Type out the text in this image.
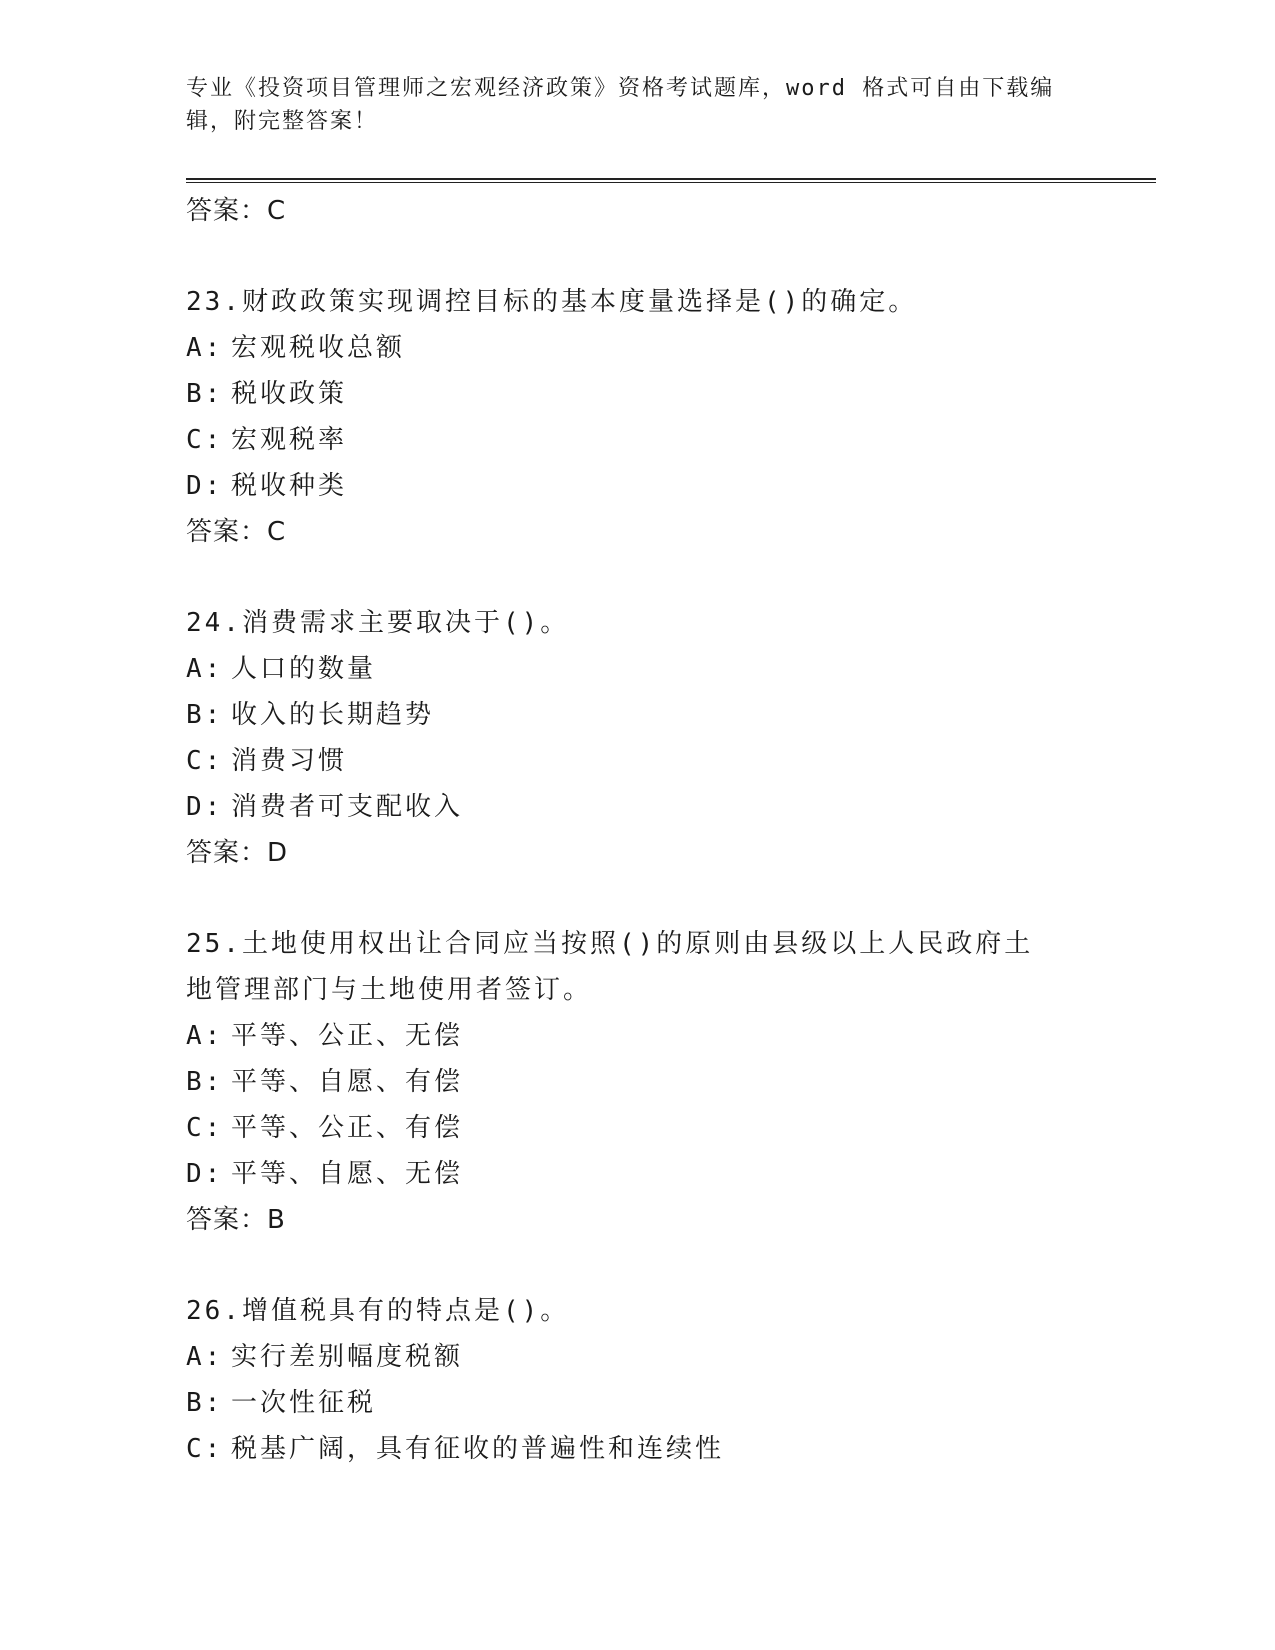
专业《投资项目管理师之宏观经济政策》资格考试题库，word 格式可自由下载编辑，附完整答案！
答案：C
23.财政政策实现调控目标的基本度量选择是()的确定。
A: 宏观税收总额
B: 税收政策
C: 宏观税率
D: 税收种类
答案：C
24.消费需求主要取决于()。
A: 人口的数量
B: 收入的长期趋势
C: 消费习惯
D: 消费者可支配收入
答案：D
25.土地使用权出让合同应当按照()的原则由县级以上人民政府土地管理部门与土地使用者签订。
A: 平等、公正、无偿
B: 平等、自愿、有偿
C: 平等、公正、有偿
D: 平等、自愿、无偿
答案：B
26.增值税具有的特点是()。
A: 实行差别幅度税额
B: 一次性征税
C: 税基广阔，具有征收的普遍性和连续性
